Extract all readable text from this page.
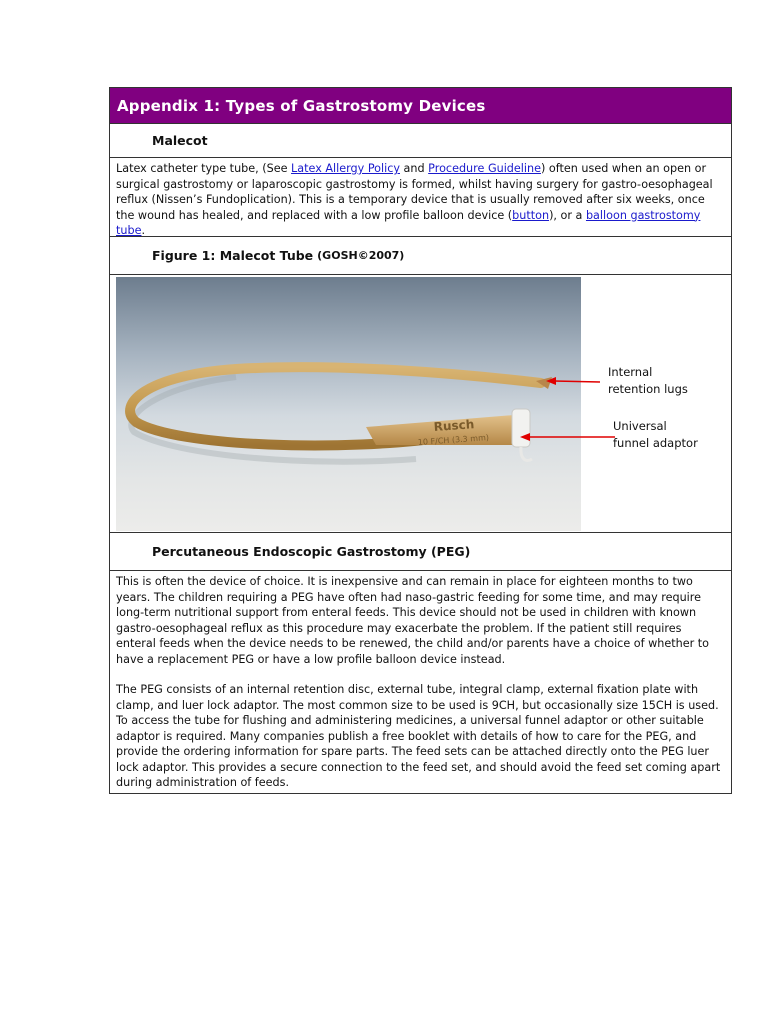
Appendix 1: Types of Gastrostomy Devices
Malecot

Latex catheter type tube, (See Latex Allergy Policy and Procedure Guideline) often used when an open or surgical gastrostomy or laparoscopic gastrostomy is formed, whilst having surgery for gastro-oesophageal reflux (Nissen’s Fundoplication). This is a temporary device that is usually removed after six weeks, once the wound has healed, and replaced with a low profile balloon device (button), or a balloon gastrostomy tube.

Figure 1: Malecot Tube (GOSH©2007)
Rusch
10 F/CH (3.3 mm)
Internal
retention lugs
Universal
funnel adaptor
Percutaneous Endoscopic Gastrostomy (PEG)

This is often the device of choice. It is inexpensive and can remain in place for eighteen months to two years. The children requiring a PEG have often had naso-gastric feeding for some time, and may require long-term nutritional support from enteral feeds. This device should not be used in children with known gastro-oesophageal reflux as this procedure may exacerbate the problem. If the patient still requires enteral feeds when the device needs to be renewed, the child and/or parents have a choice of whether to have a replacement PEG or have a low profile balloon device instead.

The PEG consists of an internal retention disc, external tube, integral clamp, external fixation plate with clamp, and luer lock adaptor. The most common size to be used is 9CH, but occasionally size 15CH is used. To access the tube for flushing and administering medicines, a universal funnel adaptor or other suitable adaptor is required. Many companies publish a free booklet with details of how to care for the PEG, and provide the ordering information for spare parts. The feed sets can be attached directly onto the PEG luer lock adaptor. This provides a secure connection to the feed set, and should avoid the feed set coming apart during administration of feeds.
